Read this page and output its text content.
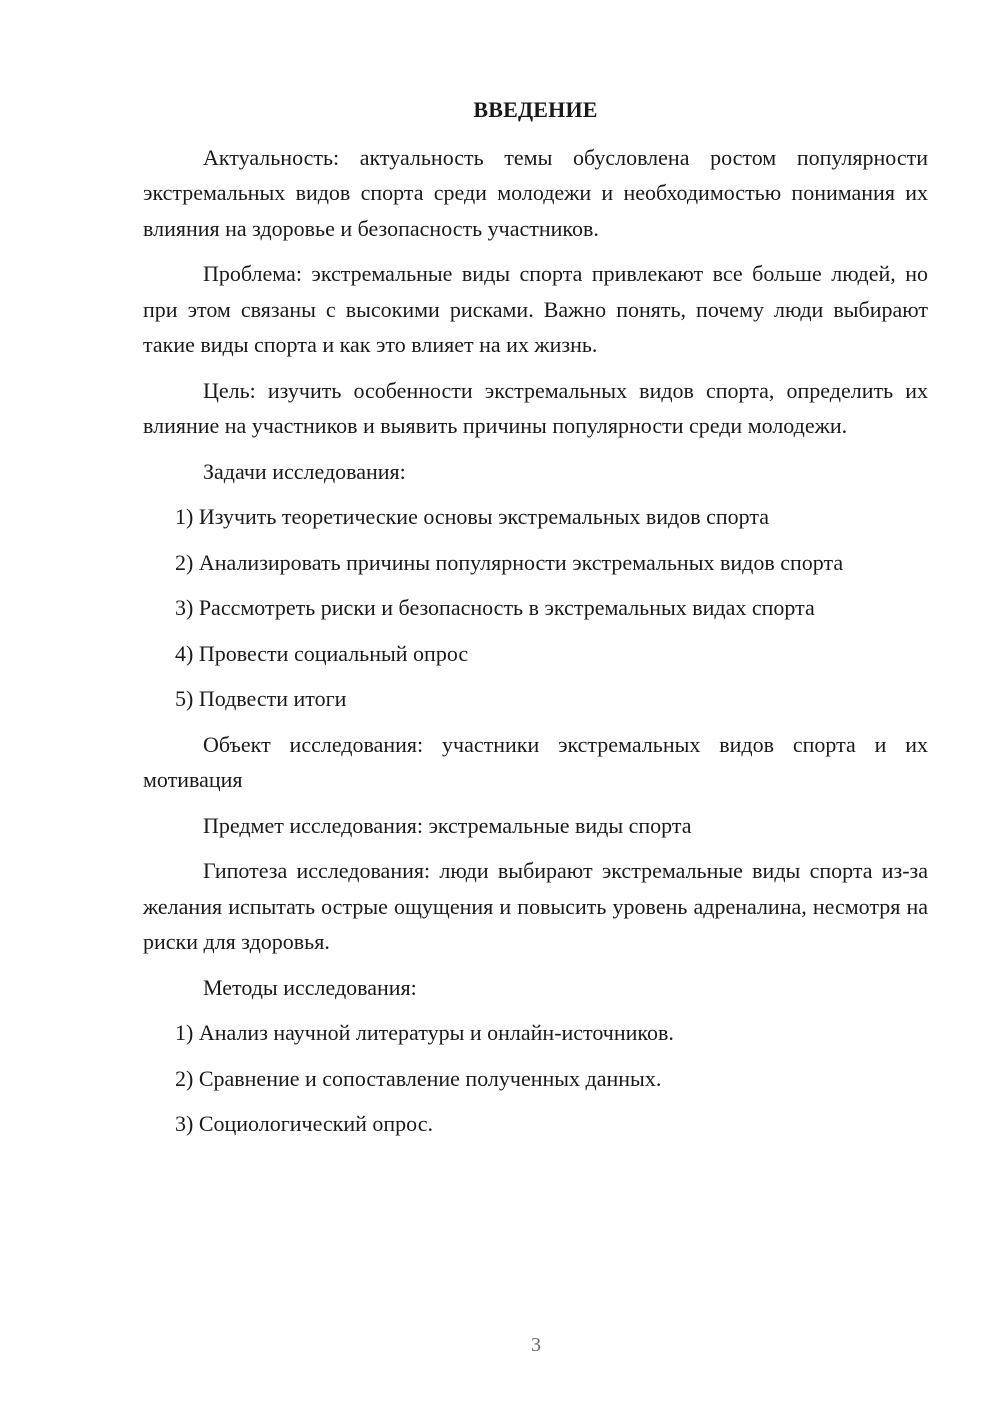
ВВЕДЕНИЕ

Актуальность: актуальность темы обусловлена ростом популярности экстремальных видов спорта среди молодежи и необходимостью понимания их влияния на здоровье и безопасность участников.

Проблема: экстремальные виды спорта привлекают все больше людей, но при этом связаны с высокими рисками. Важно понять, почему люди выбирают такие виды спорта и как это влияет на их жизнь.

Цель: изучить особенности экстремальных видов спорта, определить их влияние на участников и выявить причины популярности среди молодежи.

Задачи исследования:

1) Изучить теоретические основы экстремальных видов спорта

2) Анализировать причины популярности экстремальных видов спорта

3) Рассмотреть риски и безопасность в экстремальных видах спорта

4) Провести социальный опрос

5) Подвести итоги

Объект исследования: участники экстремальных видов спорта и их мотивация

Предмет исследования: экстремальные виды спорта

Гипотеза исследования: люди выбирают экстремальные виды спорта из-за желания испытать острые ощущения и повысить уровень адреналина, несмотря на риски для здоровья.

Методы исследования:

1) Анализ научной литературы и онлайн-источников.

2) Сравнение и сопоставление полученных данных.

3) Социологический опрос.

3
